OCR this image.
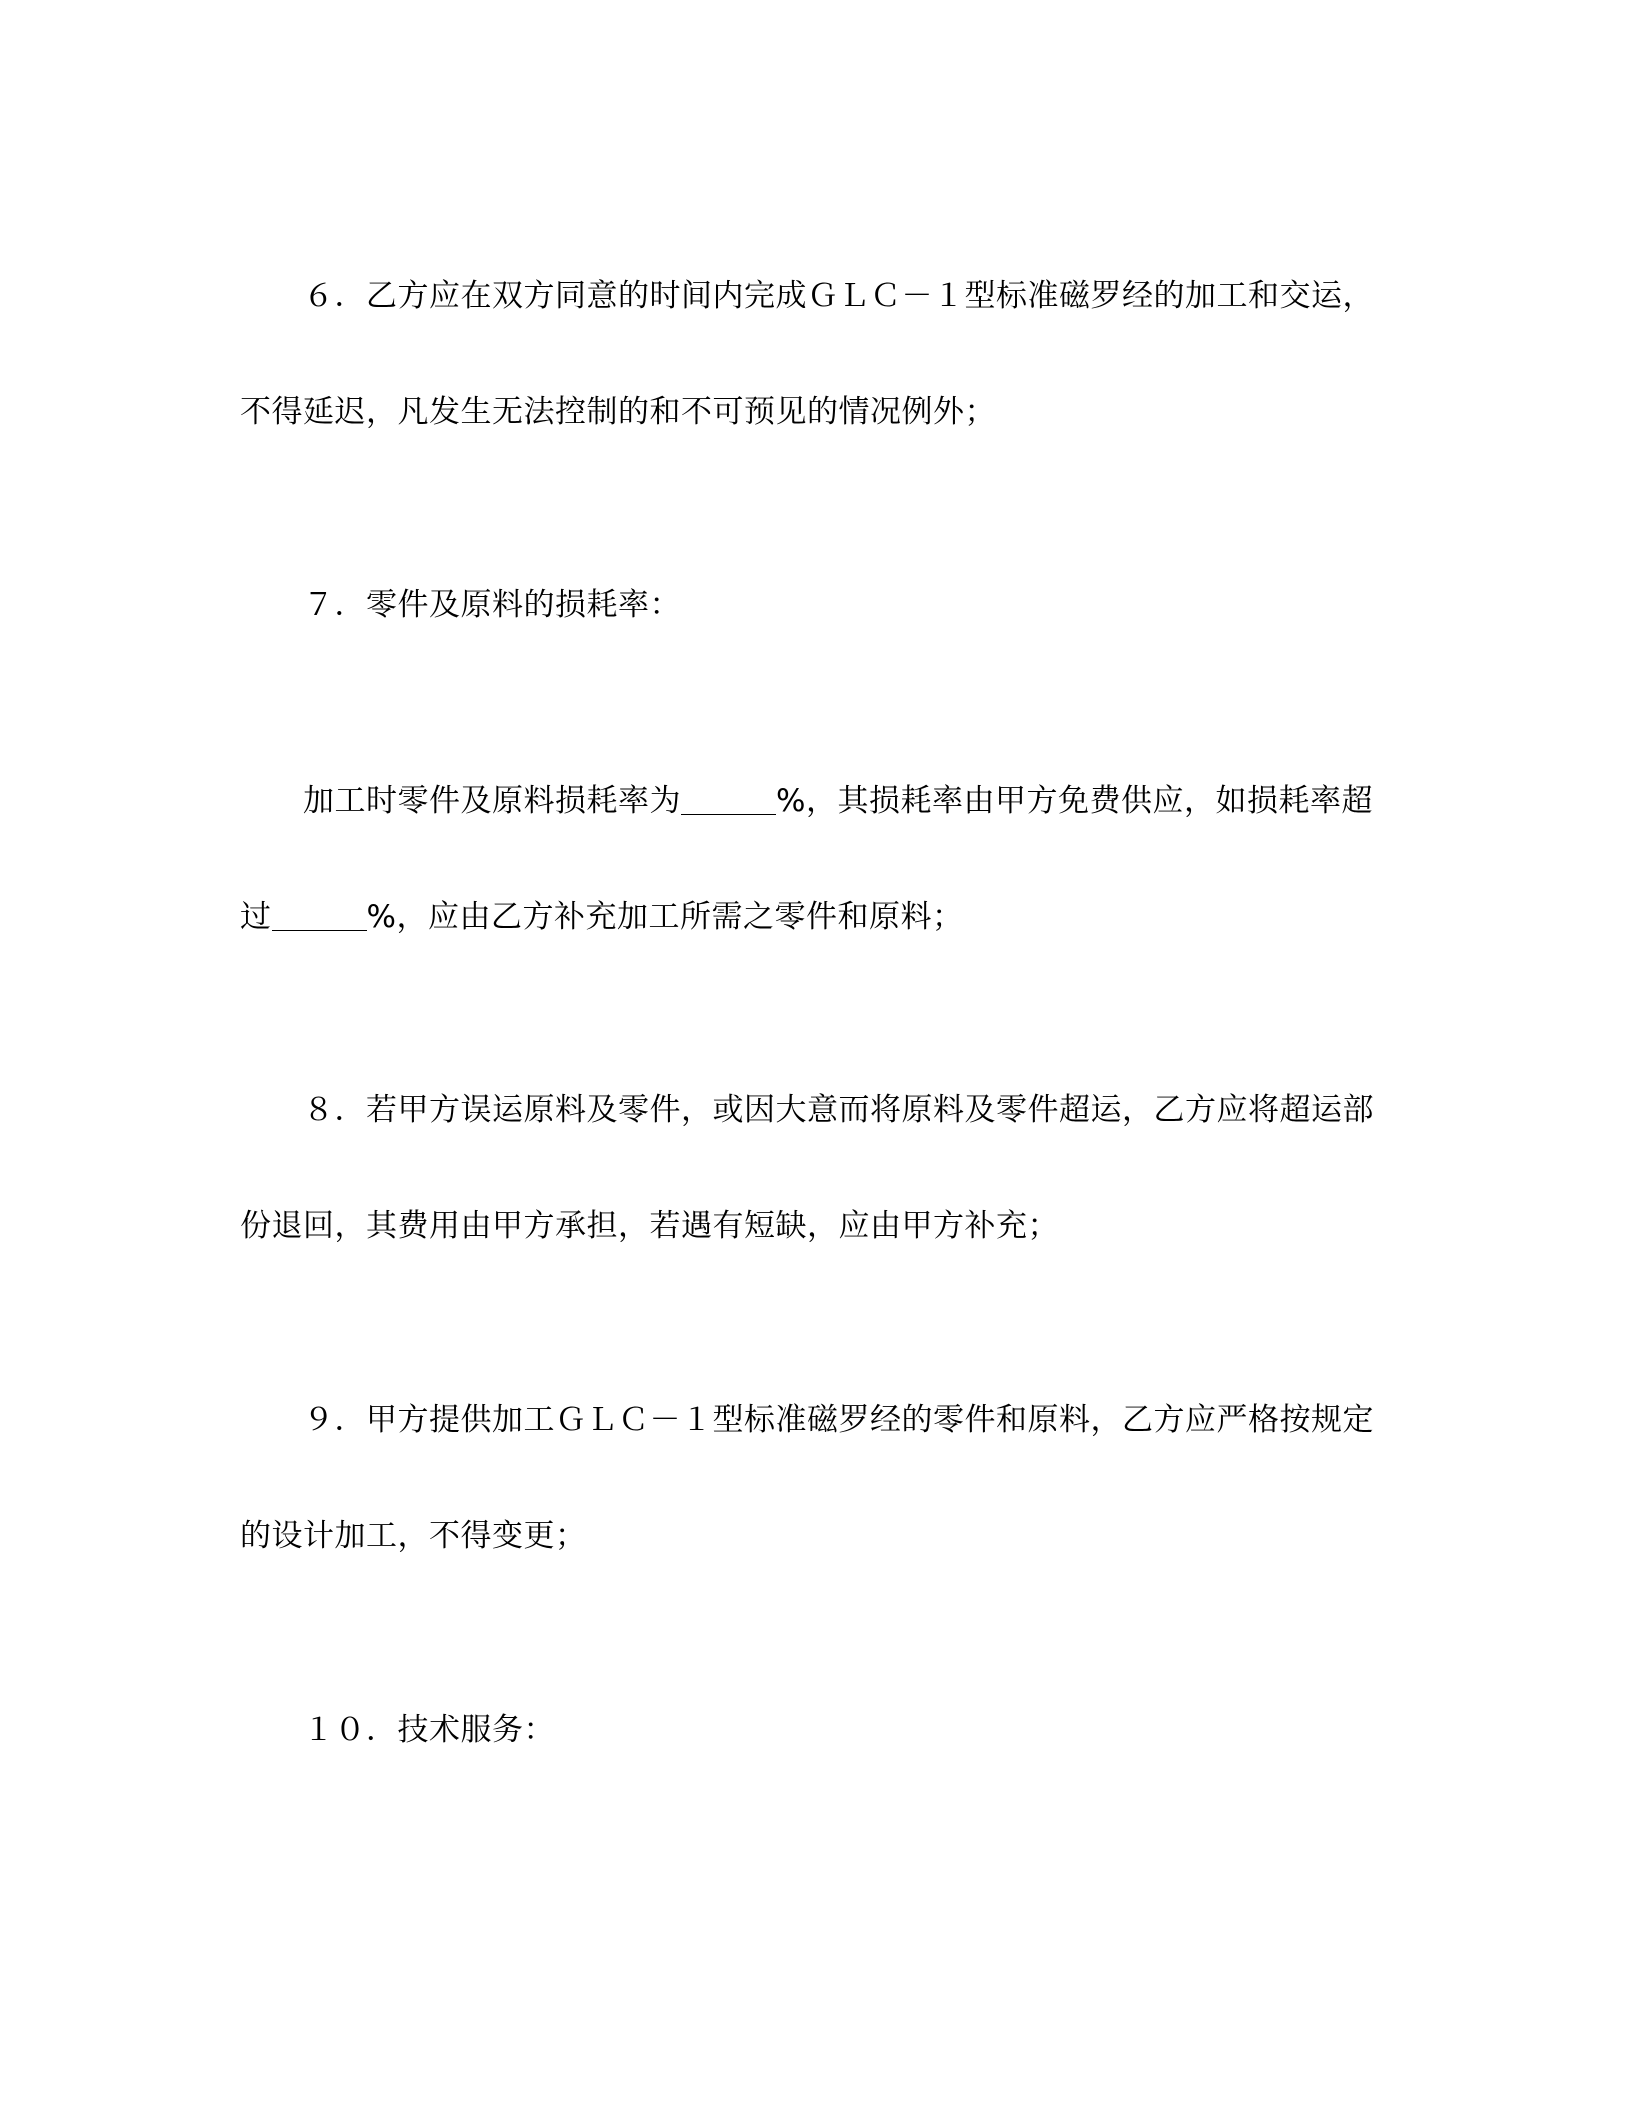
６．乙方应在双方同意的时间内完成ＧＬＣ－１型标准磁罗经的加工和交运，
不得延迟，凡发生无法控制的和不可预见的情况例外；
７．零件及原料的损耗率：
加工时零件及原料损耗率为	%，其损耗率由甲方免费供应，如损耗率超
过	%，应由乙方补充加工所需之零件和原料；
８．若甲方误运原料及零件，或因大意而将原料及零件超运，乙方应将超运部
份退回，其费用由甲方承担，若遇有短缺，应由甲方补充；
９．甲方提供加工ＧＬＣ－１型标准磁罗经的零件和原料，乙方应严格按规定
的设计加工，不得变更；
１０．技术服务：
